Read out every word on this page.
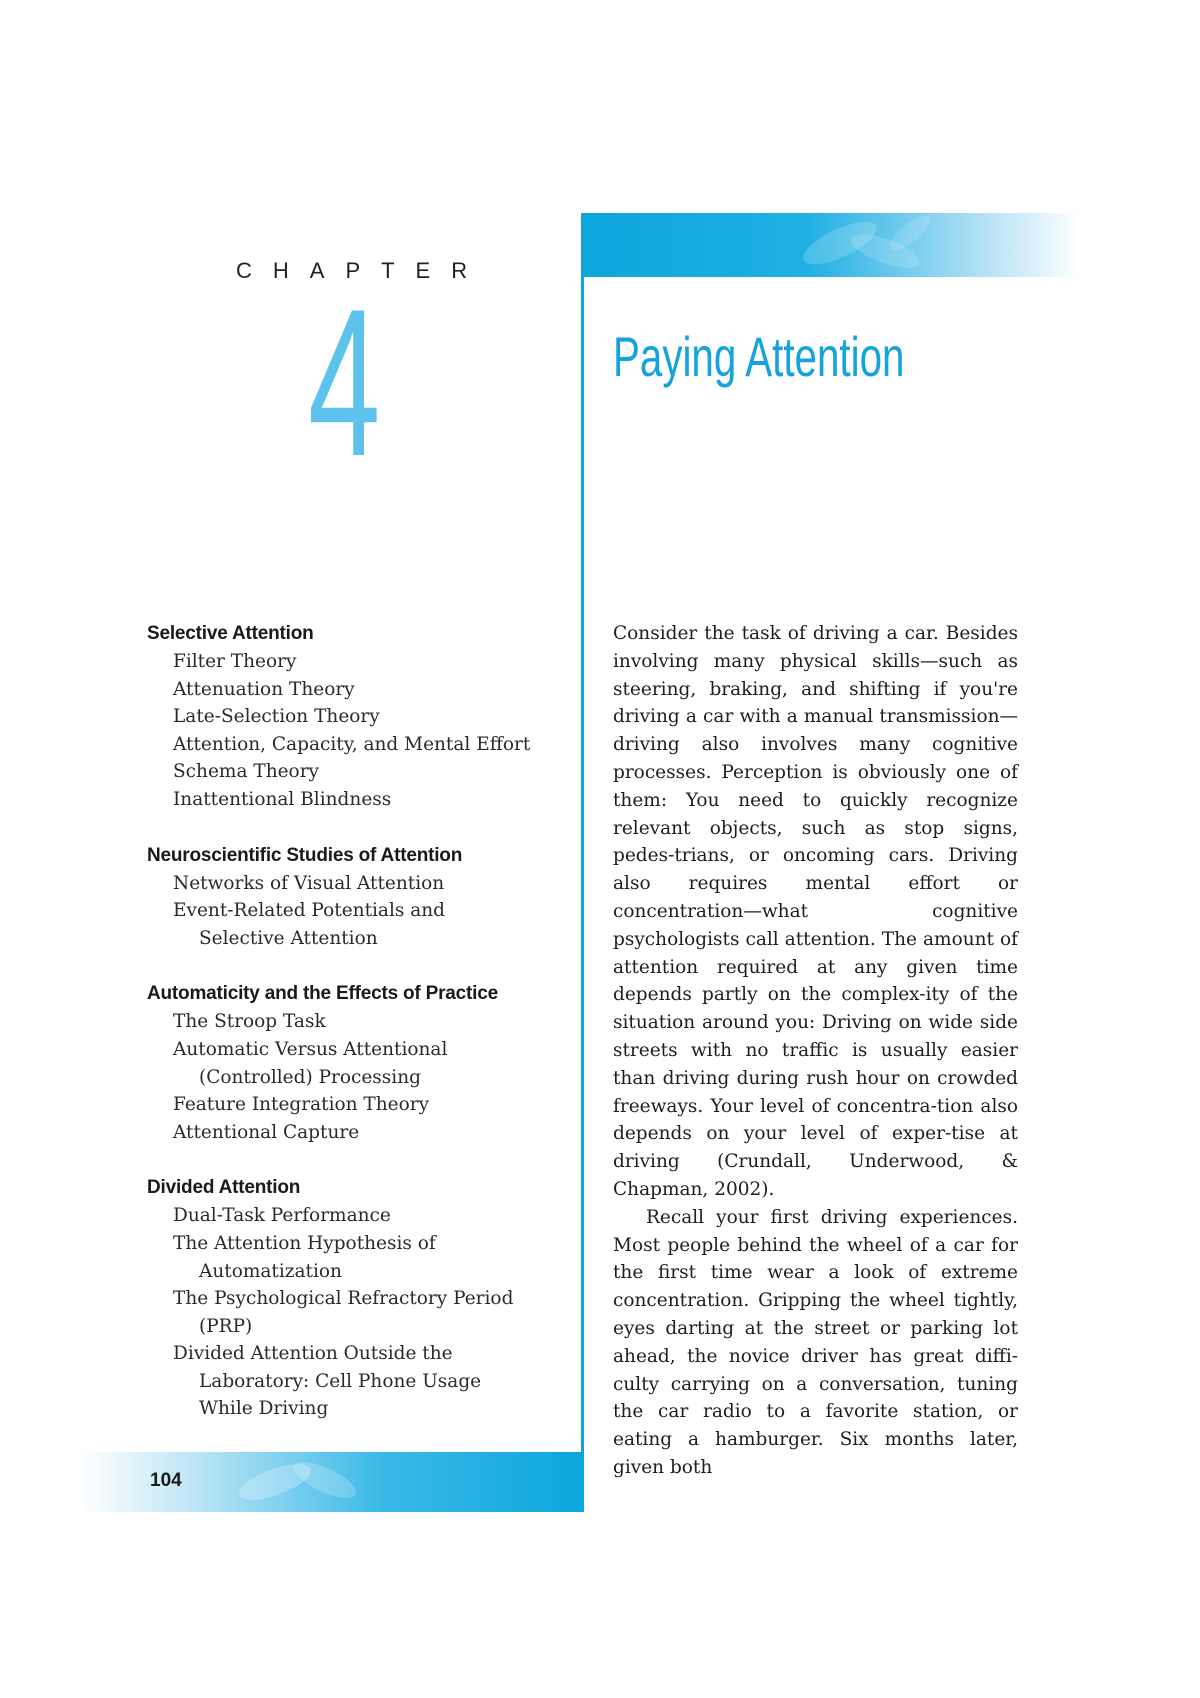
CHAPTER
4	Paying Attention
104
Selective Attention
Filter Theory
Attenuation Theory
Late-Selection Theory
Attention, Capacity, and Mental Effort
Schema Theory
Inattentional Blindness
Neuroscientific Studies of Attention
Networks of Visual Attention
Event-Related Potentials and
Selective Attention
Automaticity and the Effects of Practice
The Stroop Task
Automatic Versus Attentional
(Controlled) Processing
Feature Integration Theory
Attentional Capture
Divided Attention
Dual-Task Performance
The Attention Hypothesis of
Automatization
The Psychological Refractory Period
(PRP)
Divided Attention Outside the
Laboratory: Cell Phone Usage
While Driving

Consider the task of driving a car. Besides involving many physical skills—such as steering, braking, and shifting if you're driving a car with a manual transmission—driving also involves many cognitive processes. Perception is obviously one of them: You need to quickly recognize relevant objects, such as stop signs, pedes-trians, or oncoming cars. Driving also requires mental effort or concentration—what cognitive psychologists call attention. The amount of attention required at any given time depends partly on the complex-ity of the situation around you: Driving on wide side streets with no traffic is usually easier than driving during rush hour on crowded freeways. Your level of concentra-tion also depends on your level of exper-tise at driving (Crundall, Underwood, & Chapman, 2002).

Recall your first driving experiences. Most people behind the wheel of a car for the first time wear a look of extreme concentration. Gripping the wheel tightly, eyes darting at the street or parking lot ahead, the novice driver has great diffi-culty carrying on a conversation, tuning the car radio to a favorite station, or eating a hamburger. Six months later, given both
